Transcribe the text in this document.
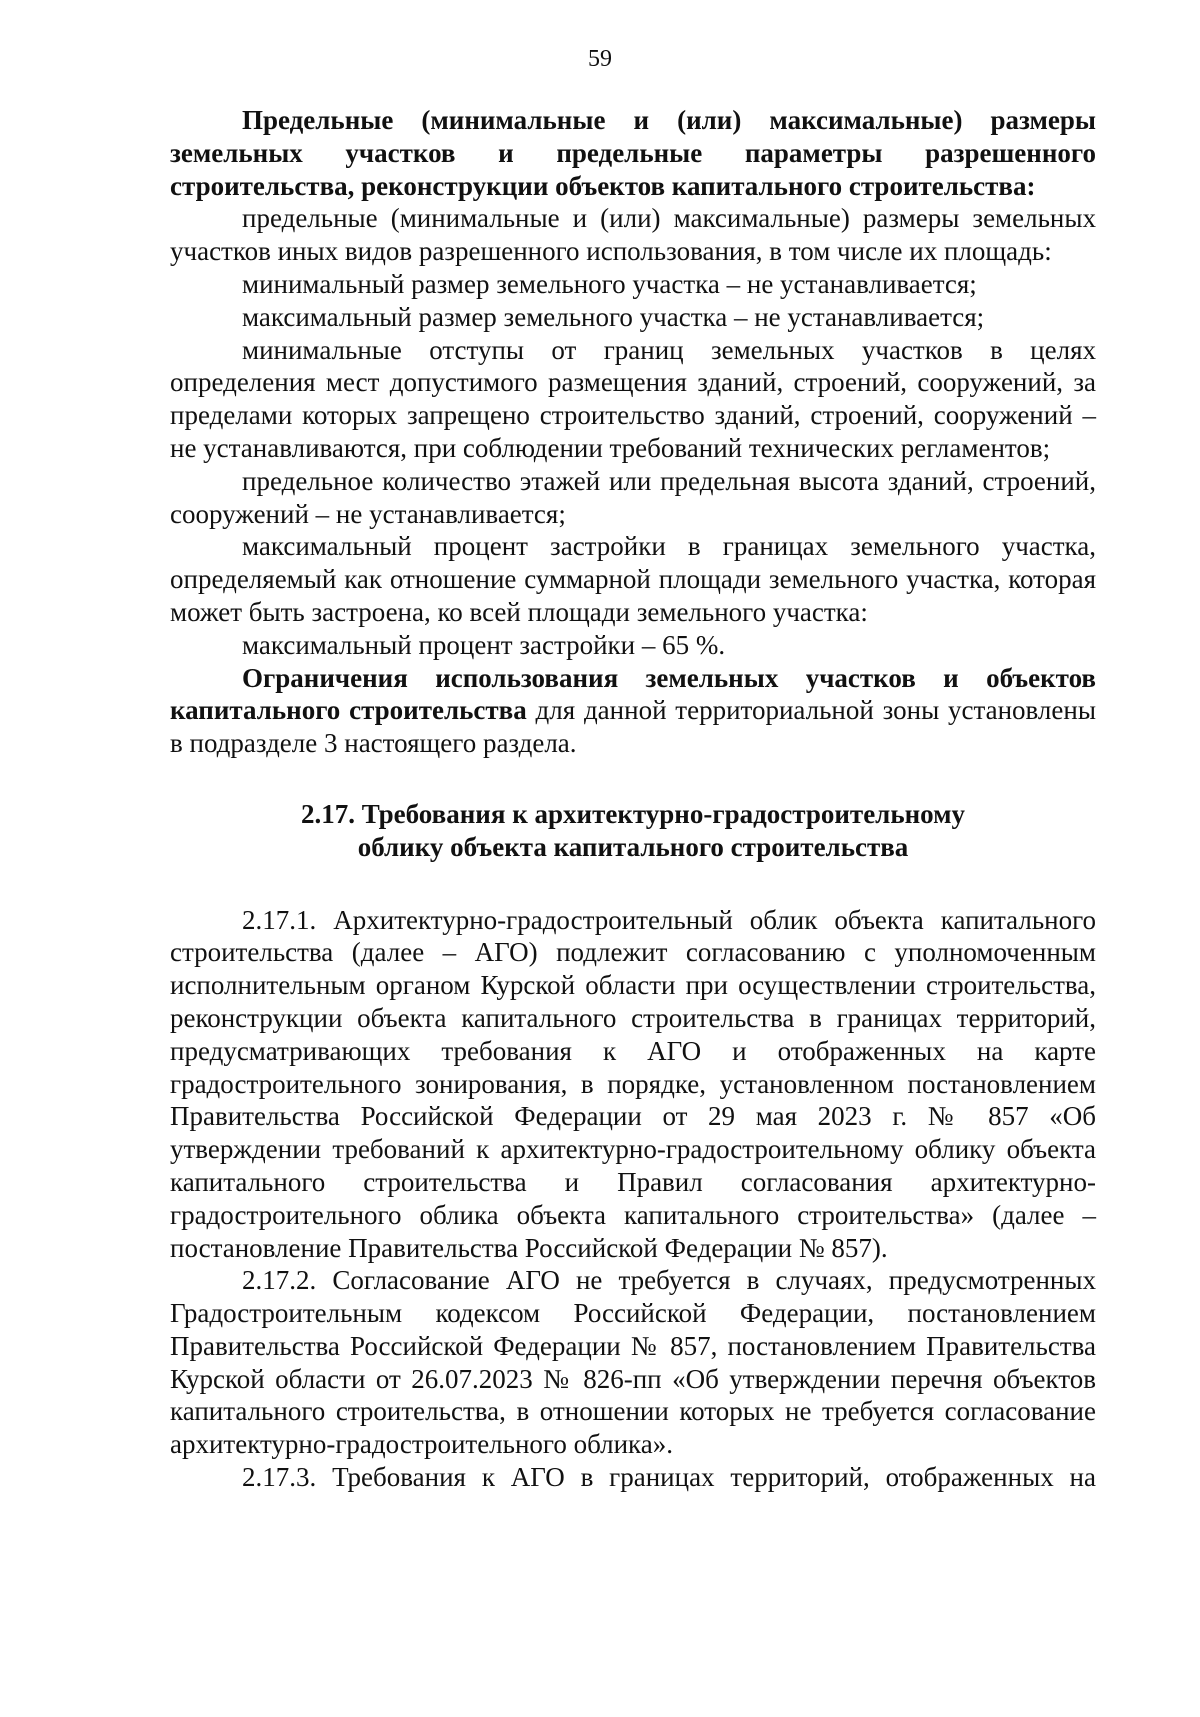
59

Предельные (минимальные и (или) максимальные) размеры земельных участков и предельные параметры разрешенного строительства, реконструкции объектов капитального строительства:

предельные (минимальные и (или) максимальные) размеры земельных участков иных видов разрешенного использования, в том числе их площадь:

минимальный размер земельного участка – не устанавливается;

максимальный размер земельного участка – не устанавливается;

минимальные отступы от границ земельных участков в целях определения мест допустимого размещения зданий, строений, сооружений, за пределами которых запрещено строительство зданий, строений, сооружений – не устанавливаются, при соблюдении требований технических регламентов;

предельное количество этажей или предельная высота зданий, строений, сооружений – не устанавливается;

максимальный процент застройки в границах земельного участка, определяемый как отношение суммарной площади земельного участка, которая может быть застроена, ко всей площади земельного участка:

максимальный процент застройки – 65 %.

Ограничения использования земельных участков и объектов капитального строительства для данной территориальной зоны установлены в подразделе 3 настоящего раздела.

2.17. Требования к архитектурно-градостроительному

облику объекта капитального строительства

2.17.1. Архитектурно-градостроительный облик объекта капитального строительства (далее – АГО) подлежит согласованию с уполномоченным исполнительным органом Курской области при осуществлении строительства, реконструкции объекта капитального строительства в границах территорий, предусматривающих требования к АГО и отображенных на карте градостроительного зонирования, в порядке, установленном постановлением Правительства Российской Федерации от 29 мая 2023 г. № 857 «Об утверждении требований к архитектурно-градостроительному облику объекта капитального строительства и Правил согласования архитектурно-градостроительного облика объекта капитального строительства» (далее – постановление Правительства Российской Федерации № 857).

2.17.2. Согласование АГО не требуется в случаях, предусмотренных Градостроительным кодексом Российской Федерации, постановлением Правительства Российской Федерации № 857, постановлением Правительства Курской области от 26.07.2023 № 826-пп «Об утверждении перечня объектов капитального строительства, в отношении которых не требуется согласование архитектурно-градостроительного облика».

2.17.3. Требования к АГО в границах территорий, отображенных на
